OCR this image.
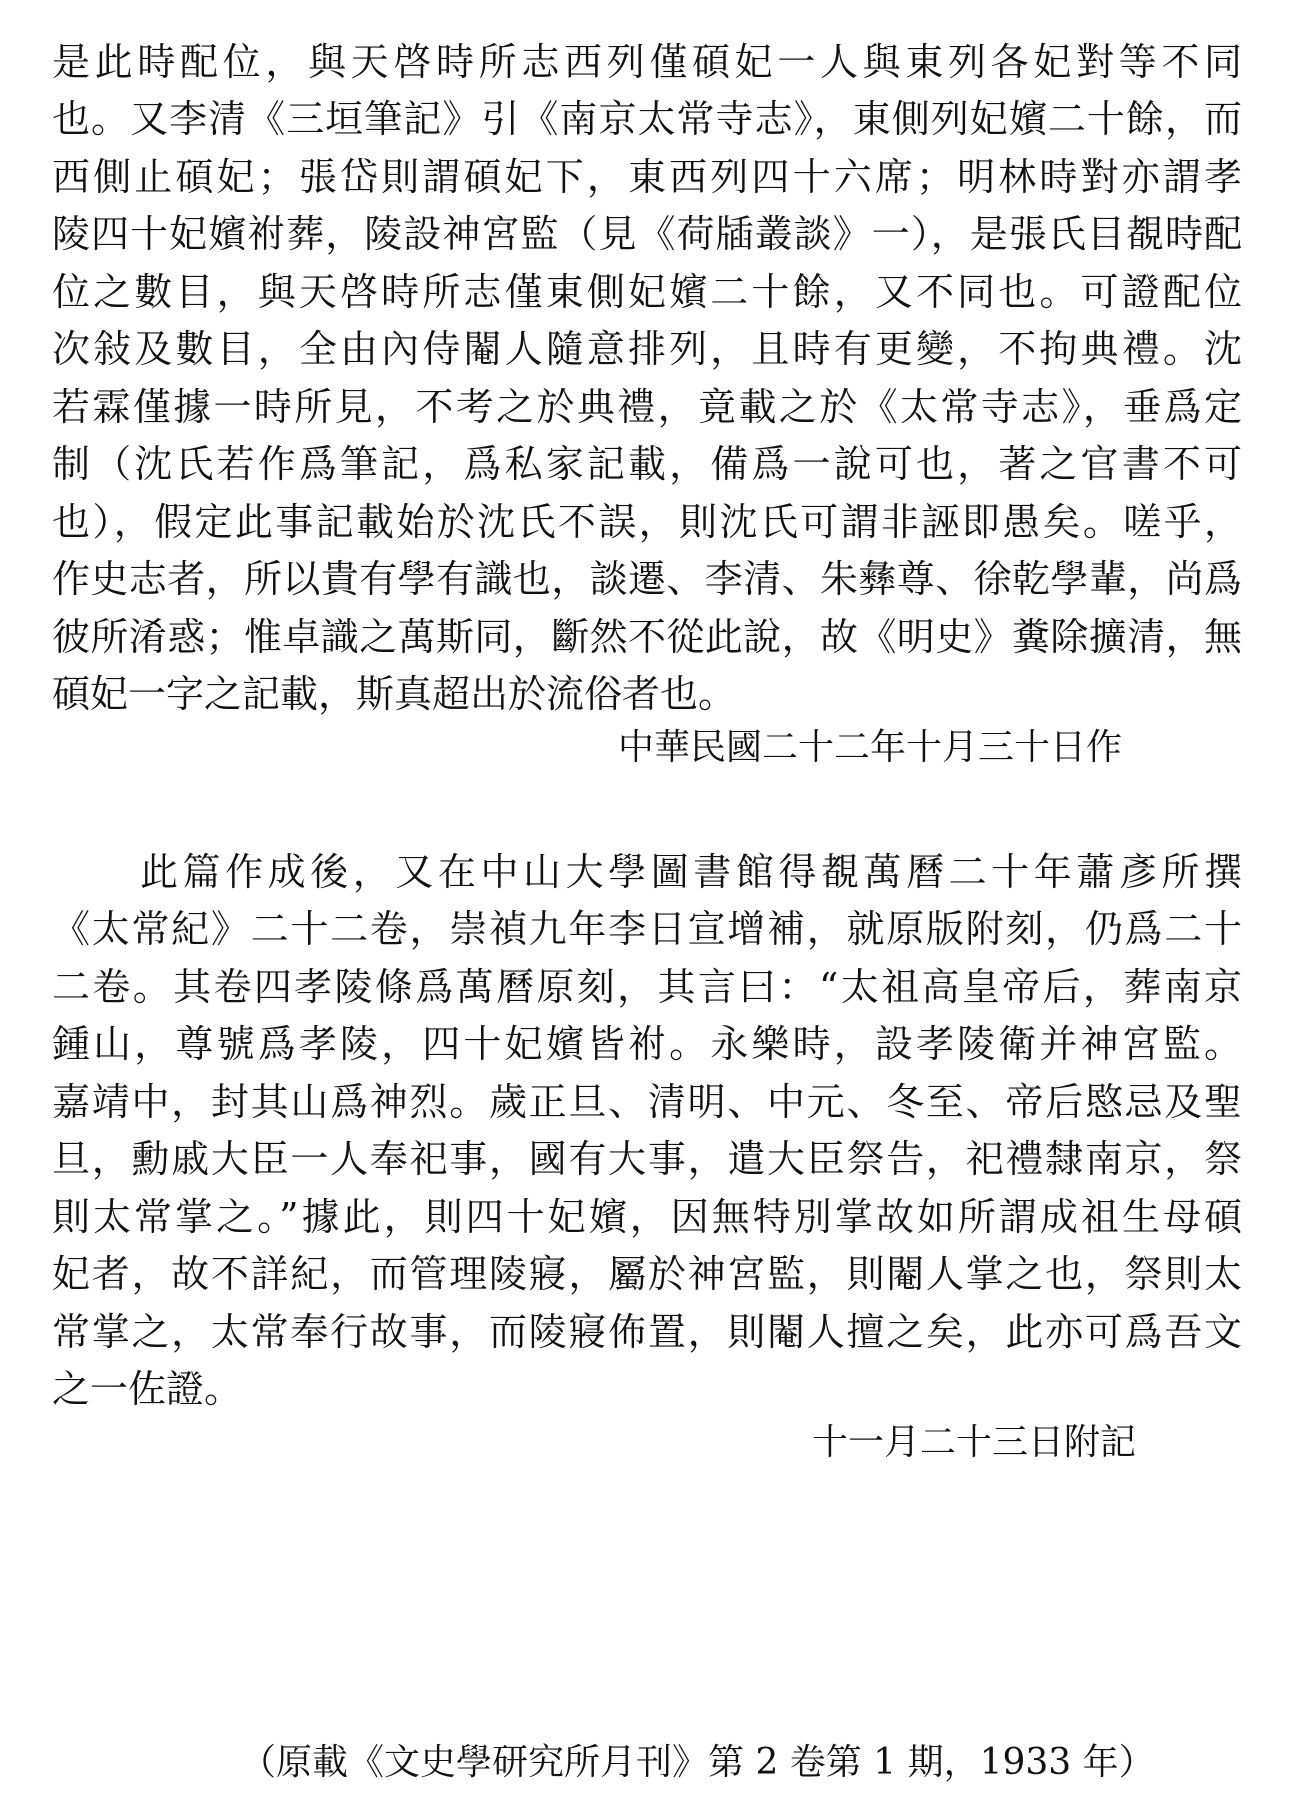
是此時配位，與天啓時所志西列僅碩妃一人與東列各妃對等不同
也。又李清《三垣筆記》引《南京太常寺志》，東側列妃嬪二十餘，而
西側止碩妃；張岱則謂碩妃下，東西列四十六席；明林時對亦謂孝
陵四十妃嬪祔葬，陵設神宮監（見《荷牐叢談》一），是張氏目覩時配
位之數目，與天啓時所志僅東側妃嬪二十餘，又不同也。可證配位
次敍及數目，全由內侍閹人隨意排列，且時有更變，不拘典禮。沈
若霖僅據一時所見，不考之於典禮，竟載之於《太常寺志》，垂爲定
制（沈氏若作爲筆記，爲私家記載，備爲一說可也，著之官書不可
也），假定此事記載始於沈氏不誤，則沈氏可謂非誣即愚矣。嗟乎，
作史志者，所以貴有學有識也，談遷、李清、朱彝尊、徐乾學輩，尚爲
彼所淆惑；惟卓識之萬斯同，斷然不從此說，故《明史》糞除擴清，無
碩妃一字之記載，斯真超出於流俗者也。
中華民國二十二年十月三十日作
此篇作成後，又在中山大學圖書館得覩萬曆二十年蕭彥所撰
《太常紀》二十二卷，崇禎九年李日宣增補，就原版附刻，仍爲二十
二卷。其卷四孝陵條爲萬曆原刻，其言曰：“太祖高皇帝后，葬南京
鍾山，尊號爲孝陵，四十妃嬪皆祔。永樂時，設孝陵衛并神宮監。
嘉靖中，封其山爲神烈。歲正旦、清明、中元、冬至、帝后愍忌及聖
旦，勳戚大臣一人奉祀事，國有大事，遣大臣祭告，祀禮隸南京，祭
則太常掌之。”據此，則四十妃嬪，因無特別掌故如所謂成祖生母碩
妃者，故不詳紀，而管理陵寢，屬於神宮監，則閹人掌之也，祭則太
常掌之，太常奉行故事，而陵寢佈置，則閹人擅之矣，此亦可爲吾文
之一佐證。
十一月二十三日附記
（原載《文史學研究所月刊》第 2 卷第 1 期，1933 年）
